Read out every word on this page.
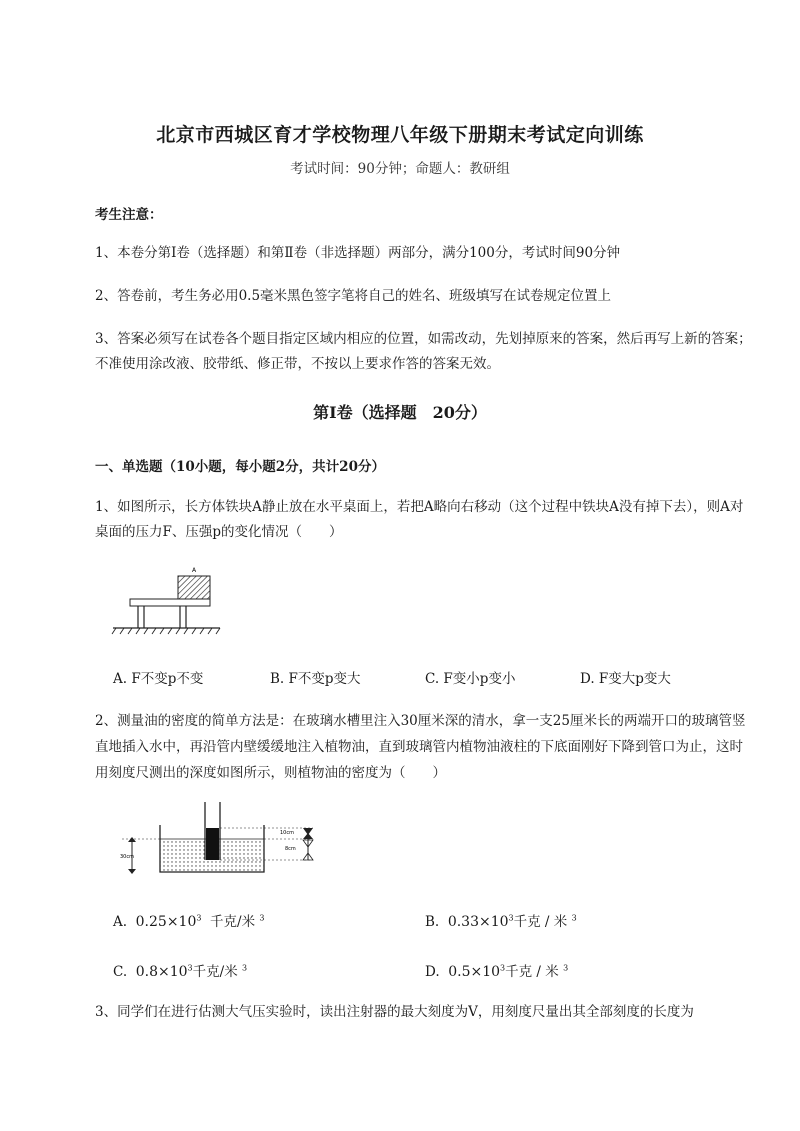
北京市西城区育才学校物理八年级下册期末考试定向训练
考试时间：90分钟；命题人：教研组
考生注意：
1、本卷分第Ⅰ卷（选择题）和第Ⅱ卷（非选择题）两部分，满分100分，考试时间90分钟
2、答卷前，考生务必用0.5毫米黑色签字笔将自己的姓名、班级填写在试卷规定位置上
3、答案必须写在试卷各个题目指定区域内相应的位置，如需改动，先划掉原来的答案，然后再写上新的答案；不准使用涂改液、胶带纸、修正带，不按以上要求作答的答案无效。
第Ⅰ卷（选择题　20分）
一、单选题（10小题，每小题2分，共计20分）
1、如图所示，长方体铁块A静止放在水平桌面上，若把A略向右移动（这个过程中铁块A没有掉下去），则A对桌面的压力F、压强p的变化情况（　　）
A
A. F不变p不变	B. F不变p变大	C. F变小p变小	D. F变大p变大
2、测量油的密度的简单方法是：在玻璃水槽里注入30厘米深的清水，拿一支25厘米长的两端开口的玻璃管竖直地插入水中，再沿管内壁缓缓地注入植物油，直到玻璃管内植物油液柱的下底面刚好下降到管口为止，这时用刻度尺测出的深度如图所示，则植物油的密度为（　　）
30cm
10cm
8cm
A. $0.25\times 10^3$ 千克/米 $^3$	B. $0.33\times 10^3$千克 / 米 $^3$
C. $0.8\times 10^3$千克/米 $^3$	D. $0.5\times 10^3$千克 / 米 $^3$
3、同学们在进行估测大气压实验时，读出注射器的最大刻度为V，用刻度尺量出其全部刻度的长度为
